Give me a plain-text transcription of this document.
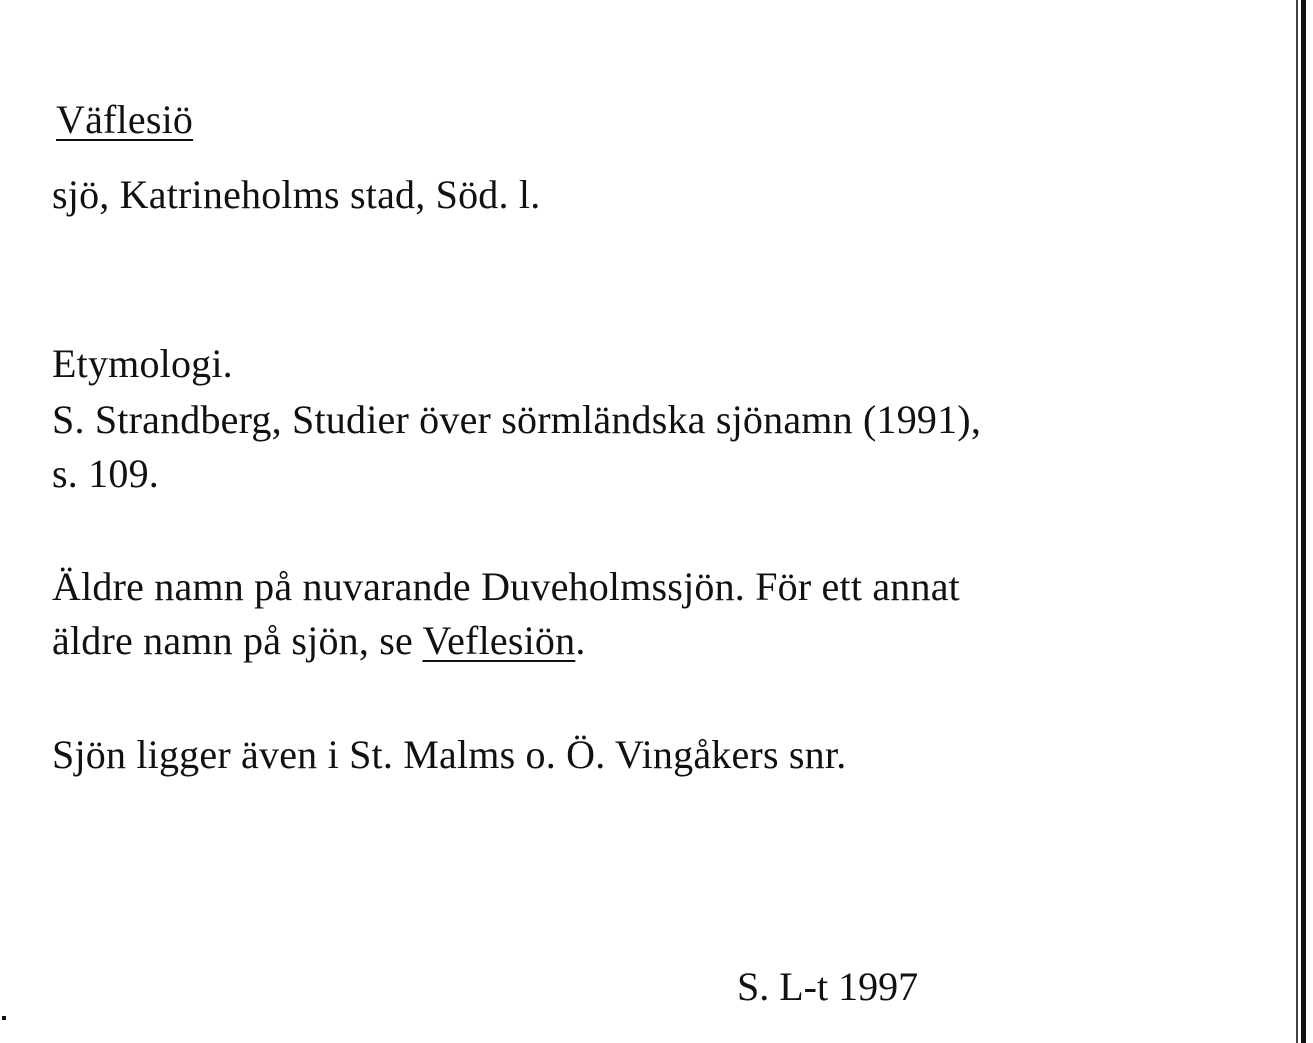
Väflesiö
sjö, Katrineholms stad, Söd. l.
Etymologi.
S. Strandberg, Studier över sörmländska sjönamn (1991),
s. 109.
Äldre namn på nuvarande Duveholmssjön. För ett annat
äldre namn på sjön, se Veflesiön.
Sjön ligger även i St. Malms o. Ö. Vingåkers snr.
S. L-t 1997
